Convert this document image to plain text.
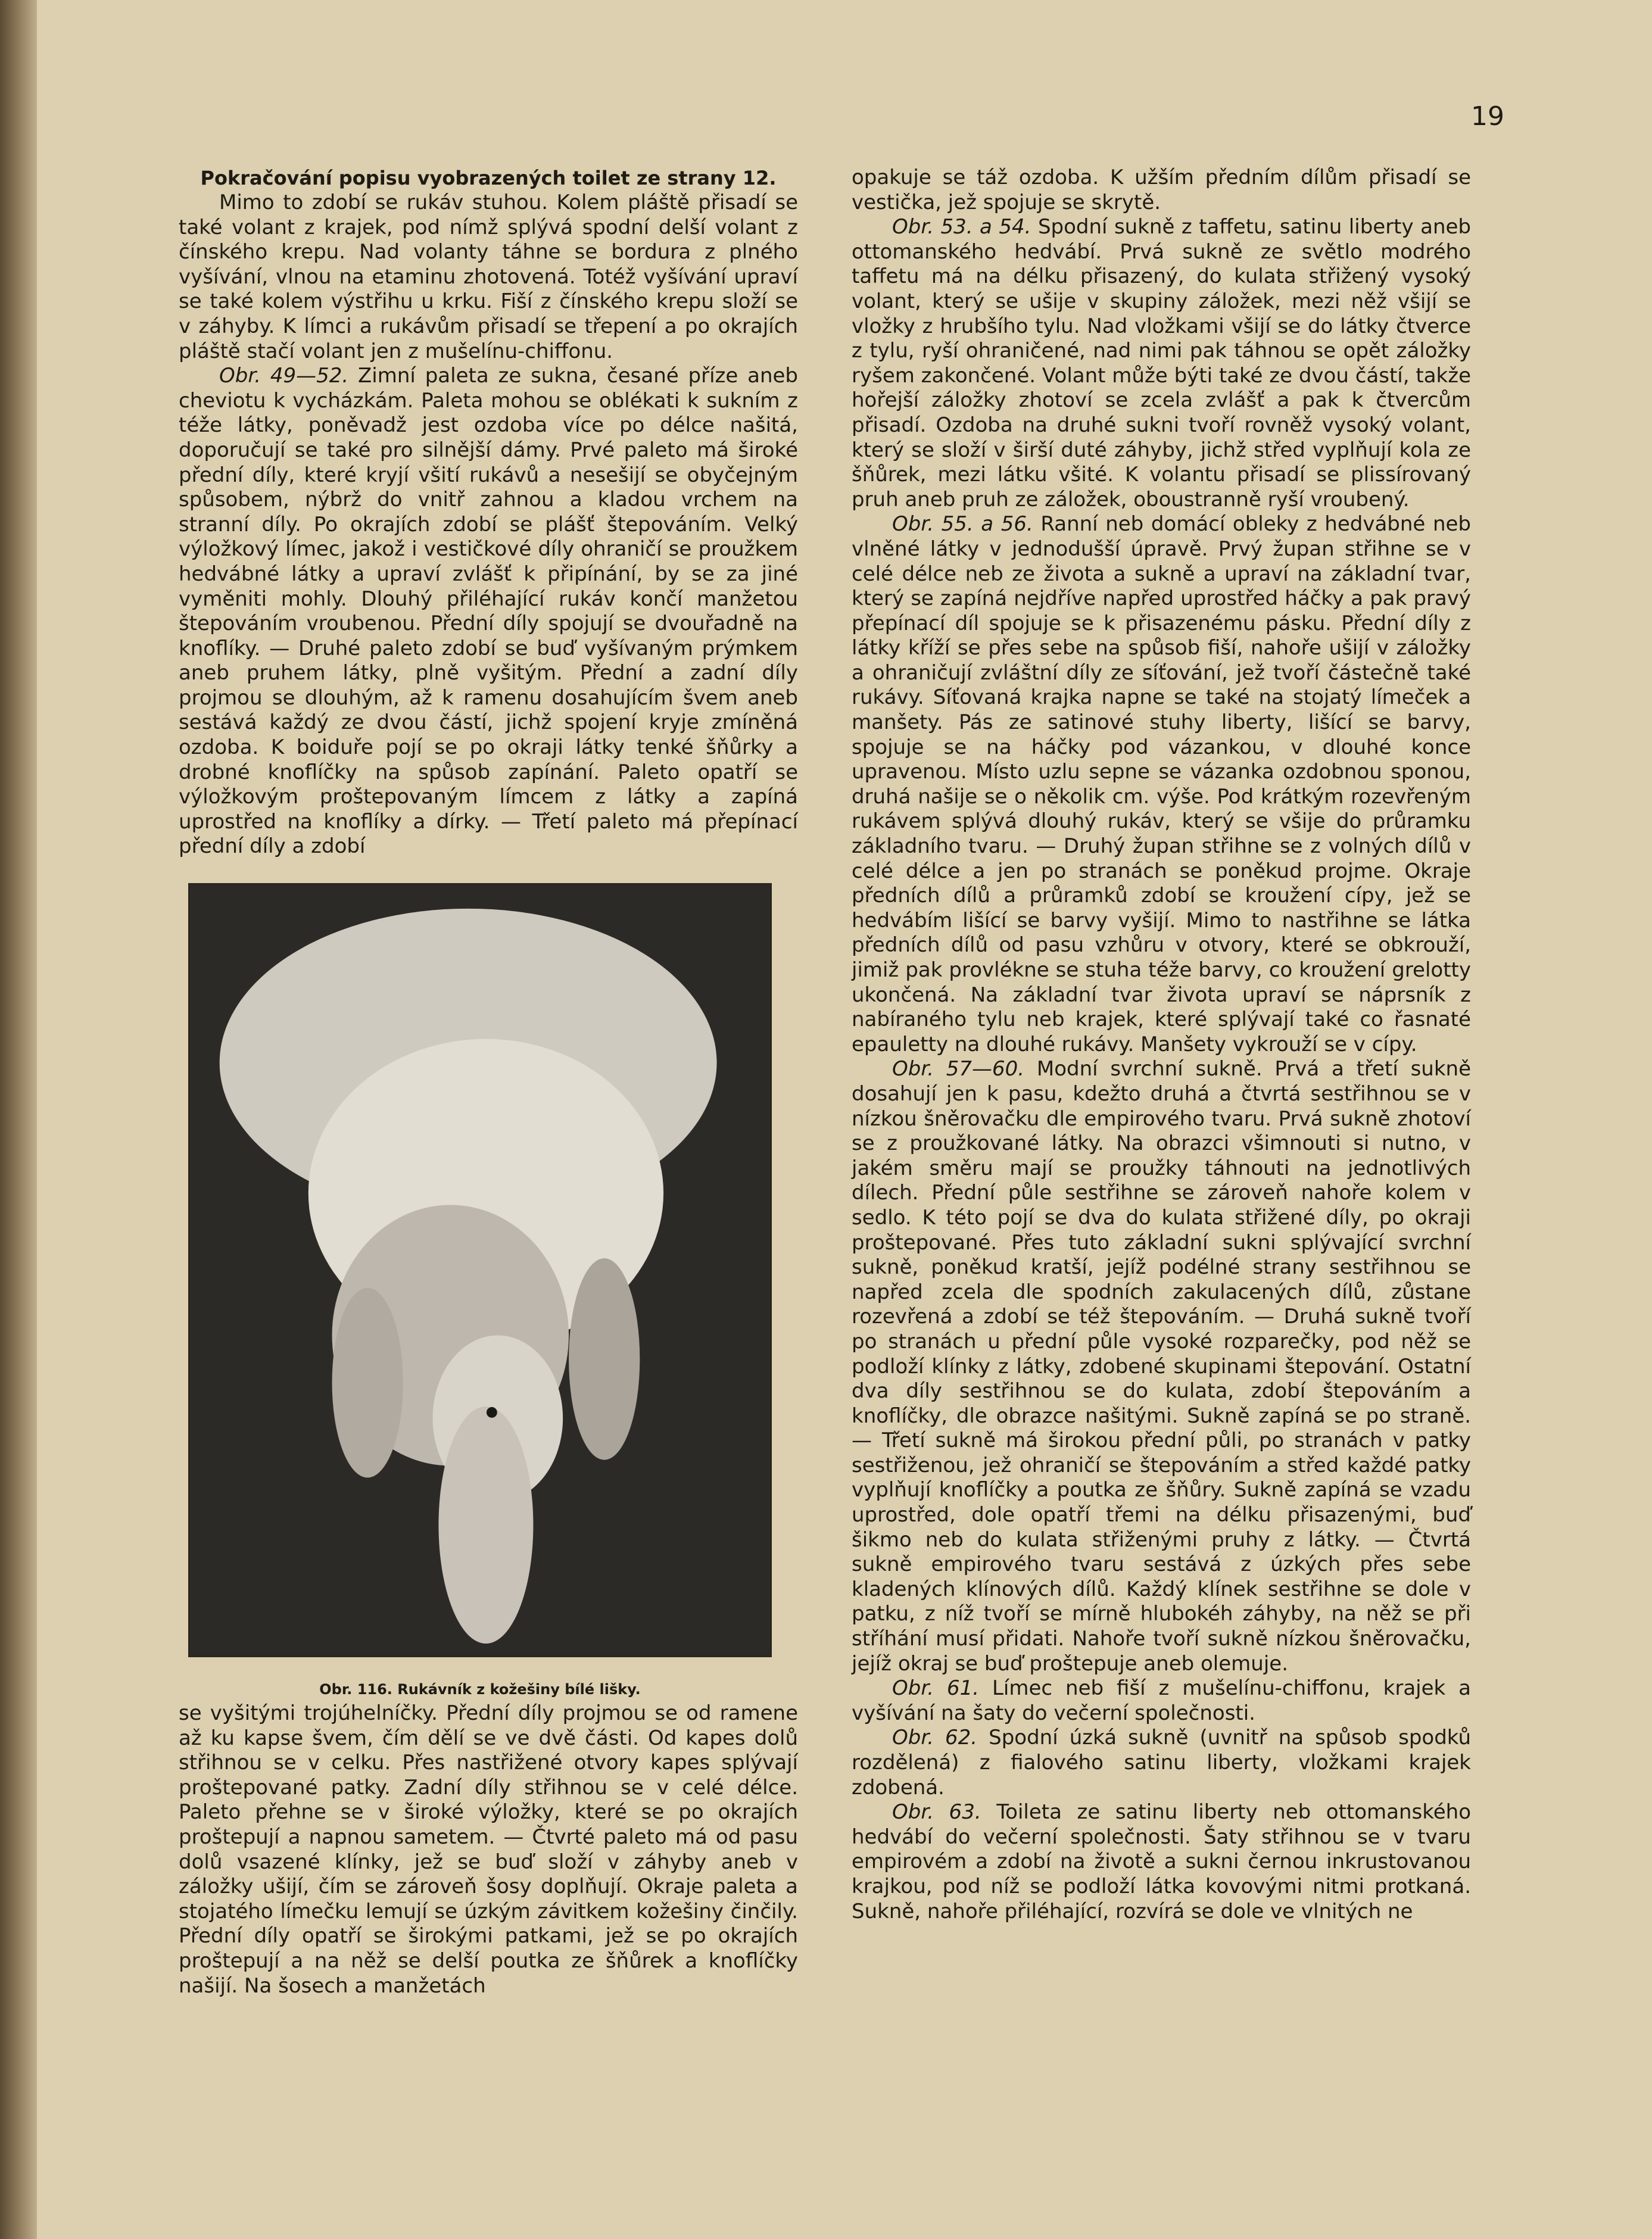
19
Pokračování popisu vyobrazených toilet ze strany 12.

Mimo to zdobí se rukáv stuhou. Kolem pláště přisadí se také volant z krajek, pod nímž splývá spodní delší volant z čínského krepu. Nad volanty táhne se bordura z plného vyšívání, vlnou na etaminu zhotovená. Totéž vyšívání upraví se také kolem výstřihu u krku. Fiší z čínského krepu složí se v záhyby. K límci a rukávům přisadí se třepení a po okrajích pláště stačí volant jen z mušelínu-chiffonu.

Obr. 49—52. Zimní paleta ze sukna, česané příze aneb cheviotu k vycházkám. Paleta mohou se oblékati k sukním z téže látky, poněvadž jest ozdoba více po délce našitá, doporučují se také pro silnější dámy. Prvé paleto má široké přední díly, které kryjí všití rukávů a nesešijí se obyčejným spůsobem, nýbrž do vnitř zahnou a kladou vrchem na stranní díly. Po okrajích zdobí se plášť štepováním. Velký výložkový límec, jakož i vestičkové díly ohraničí se proužkem hedvábné látky a upraví zvlášť k připínání, by se za jiné vyměniti mohly. Dlouhý přiléhající rukáv končí manžetou štepováním vroubenou. Přední díly spojují se dvouřadně na knoflíky. — Druhé paleto zdobí se buď vyšívaným prýmkem aneb pruhem látky, plně vyšitým. Přední a zadní díly projmou se dlouhým, až k ramenu dosahujícím švem aneb sestává každý ze dvou částí, jichž spojení kryje zmíněná ozdoba. K boiduře pojí se po okraji látky tenké šňůrky a drobné knoflíčky na spůsob zapínání. Paleto opatří se výložkovým proštepovaným límcem z látky a zapíná uprostřed na knoflíky a dírky. — Třetí paleto má přepínací přední díly a zdobí

Obr. 116. Rukávník z kožešiny bílé lišky.

se vyšitými trojúhelníčky. Přední díly projmou se od ramene až ku kapse švem, čím dělí se ve dvě části. Od kapes dolů střihnou se v celku. Přes nastřižené otvory kapes splývají proštepované patky. Zadní díly střihnou se v celé délce. Paleto přehne se v široké výložky, které se po okrajích proštepují a napnou sametem. — Čtvrté paleto má od pasu dolů vsazené klínky, jež se buď složí v záhyby aneb v záložky ušijí, čím se zároveň šosy doplňují. Okraje paleta a stojatého límečku lemují se úzkým závitkem kožešiny činčily. Přední díly opatří se širokými patkami, jež se po okrajích proštepují a na něž se delší poutka ze šňůrek a knoflíčky našijí. Na šosech a manžetách

opakuje se táž ozdoba. K užším předním dílům přisadí se vestička, jež spojuje se skrytě.

Obr. 53. a 54. Spodní sukně z taffetu, satinu liberty aneb ottomanského hedvábí. Prvá sukně ze světlo modrého taffetu má na délku přisazený, do kulata střižený vysoký volant, který se ušije v skupiny záložek, mezi něž všijí se vložky z hrubšího tylu. Nad vložkami všijí se do látky čtverce z tylu, ryší ohraničené, nad nimi pak táhnou se opět záložky ryšem zakončené. Volant může býti také ze dvou částí, takže hořejší záložky zhotoví se zcela zvlášť a pak k čtvercům přisadí. Ozdoba na druhé sukni tvoří rovněž vysoký volant, který se složí v širší duté záhyby, jichž střed vyplňují kola ze šňůrek, mezi látku všité. K volantu přisadí se plissírovaný pruh aneb pruh ze záložek, oboustranně ryší vroubený.

Obr. 55. a 56. Ranní neb domácí obleky z hedvábné neb vlněné látky v jednodušší úpravě. Prvý župan střihne se v celé délce neb ze života a sukně a upraví na základní tvar, který se zapíná nejdříve napřed uprostřed háčky a pak pravý přepínací díl spojuje se k přisazenému pásku. Přední díly z látky kříží se přes sebe na spůsob fiší, nahoře ušijí v záložky a ohraničují zvláštní díly ze síťování, jež tvoří částečně také rukávy. Síťovaná krajka napne se také na stojatý límeček a manšety. Pás ze satinové stuhy liberty, lišící se barvy, spojuje se na háčky pod vázankou, v dlouhé konce upravenou. Místo uzlu sepne se vázanka ozdobnou sponou, druhá našije se o několik cm. výše. Pod krátkým rozevřeným rukávem splývá dlouhý rukáv, který se všije do průramku základního tvaru. — Druhý župan střihne se z volných dílů v celé délce a jen po stranách se poněkud projme. Okraje předních dílů a průramků zdobí se kroužení cípy, jež se hedvábím lišící se barvy vyšijí. Mimo to nastřihne se látka předních dílů od pasu vzhůru v otvory, které se obkrouží, jimiž pak provlékne se stuha téže barvy, co kroužení grelotty ukončená. Na základní tvar života upraví se náprsník z nabíraného tylu neb krajek, které splývají také co řasnaté epauletty na dlouhé rukávy. Manšety vykrouží se v cípy.

Obr. 57—60. Modní svrchní sukně. Prvá a třetí sukně dosahují jen k pasu, kdežto druhá a čtvrtá sestřihnou se v nízkou šněrovačku dle empirového tvaru. Prvá sukně zhotoví se z proužkované látky. Na obrazci všimnouti si nutno, v jakém směru mají se proužky táhnouti na jednotlivých dílech. Přední půle sestřihne se zároveň nahoře kolem v sedlo. K této pojí se dva do kulata střižené díly, po okraji proštepované. Přes tuto základní sukni splývající svrchní sukně, poněkud kratší, jejíž podélné strany sestřihnou se napřed zcela dle spodních zakulacených dílů, zůstane rozevřená a zdobí se též štepováním. — Druhá sukně tvoří po stranách u přední půle vysoké rozparečky, pod něž se podloží klínky z látky, zdobené skupinami štepování. Ostatní dva díly sestřihnou se do kulata, zdobí štepováním a knoflíčky, dle obrazce našitými. Sukně zapíná se po straně. — Třetí sukně má širokou přední půli, po stranách v patky sestřiženou, jež ohraničí se štepováním a střed každé patky vyplňují knoflíčky a poutka ze šňůry. Sukně zapíná se vzadu uprostřed, dole opatří třemi na délku přisazenými, buď šikmo neb do kulata střiženými pruhy z látky. — Čtvrtá sukně empirového tvaru sestává z úzkých přes sebe kladených klínových dílů. Každý klínek sestřihne se dole v patku, z níž tvoří se mírně hlubokéh záhyby, na něž se při stříhání musí přidati. Nahoře tvoří sukně nízkou šněrovačku, jejíž okraj se buď proštepuje aneb olemuje.

Obr. 61. Límec neb fiší z mušelínu-chiffonu, krajek a vyšívání na šaty do večerní společnosti.

Obr. 62. Spodní úzká sukně (uvnitř na spůsob spodků rozdělená) z fialového satinu liberty, vložkami krajek zdobená.

Obr. 63. Toileta ze satinu liberty neb ottomanského hedvábí do večerní společnosti. Šaty střihnou se v tvaru empirovém a zdobí na životě a sukni černou inkrustovanou krajkou, pod níž se podloží látka kovovými nitmi protkaná. Sukně, nahoře přiléhající, rozvírá se dole ve vlnitých ne
